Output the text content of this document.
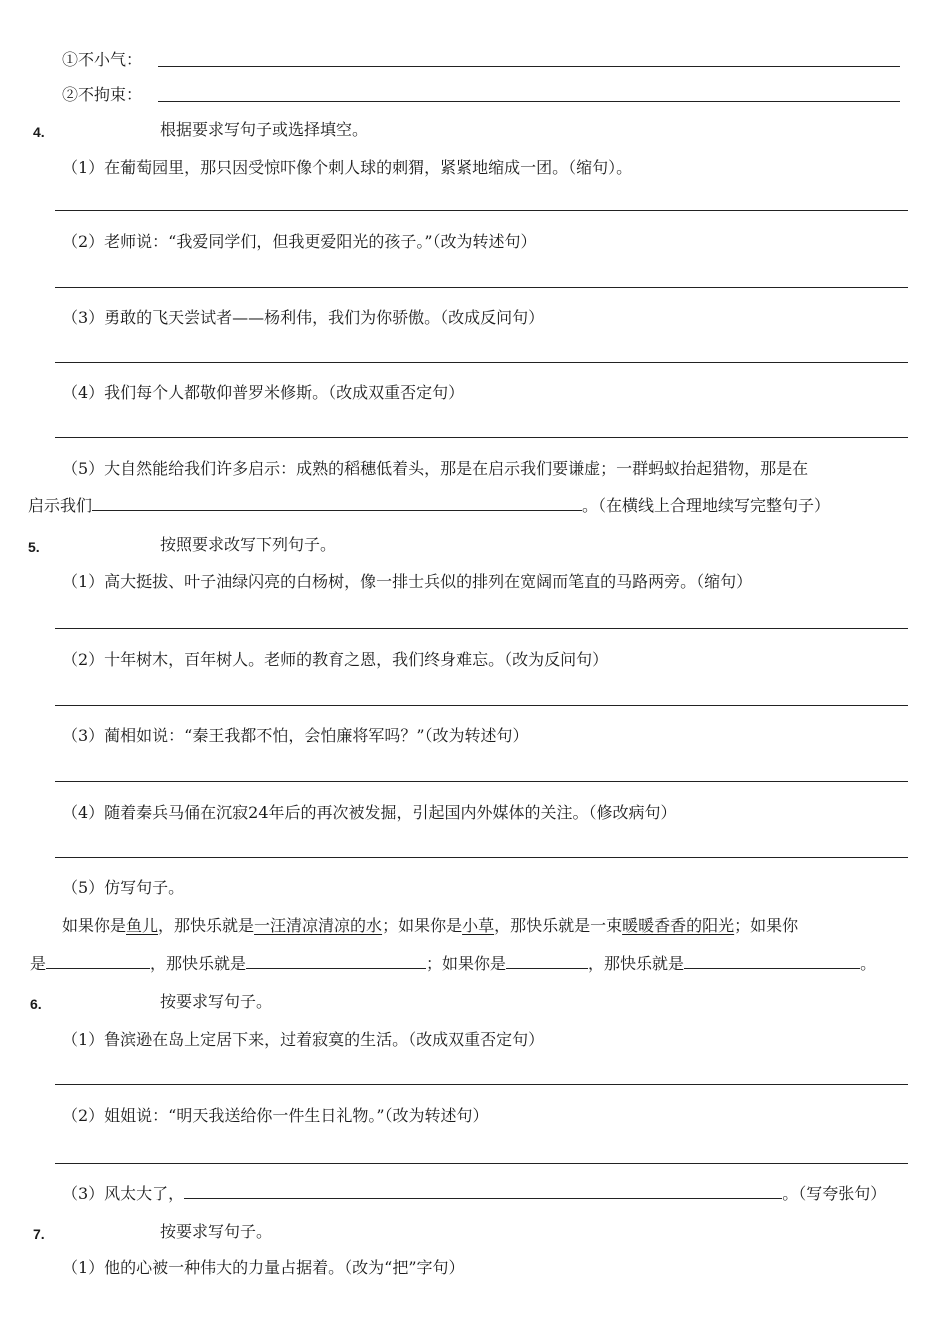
①不小气：
②不拘束：
4.	根据要求写句子或选择填空。
（1）在葡萄园里，那只因受惊吓像个刺人球的刺猬，紧紧地缩成一团。（缩句）。
（2）老师说：“我爱同学们，但我更爱阳光的孩子。”（改为转述句）
（3）勇敢的飞天尝试者——杨利伟，我们为你骄傲。（改成反问句）
（4）我们每个人都敬仰普罗米修斯。（改成双重否定句）
（5）大自然能给我们许多启示：成熟的稻穗低着头，那是在启示我们要谦虚；一群蚂蚁抬起猎物，那是在
启示我们	。（在横线上合理地续写完整句子）
5.	按照要求改写下列句子。
（1）高大挺拔、叶子油绿闪亮的白杨树，像一排士兵似的排列在宽阔而笔直的马路两旁。（缩句）
（2）十年树木，百年树人。老师的教育之恩，我们终身难忘。（改为反问句）
（3）蔺相如说：“秦王我都不怕，会怕廉将军吗？”（改为转述句）
（4）随着秦兵马俑在沉寂24年后的再次被发掘，引起国内外媒体的关注。（修改病句）
（5）仿写句子。
如果你是鱼儿，那快乐就是一汪清凉清凉的水；如果你是小草，那快乐就是一束暖暖香香的阳光；如果你
是	，那快乐就是	；如果你是	，那快乐就是	。
6.	按要求写句子。
（1）鲁滨逊在岛上定居下来，过着寂寞的生活。（改成双重否定句）
（2）姐姐说：“明天我送给你一件生日礼物。”（改为转述句）
（3）风太大了，	。（写夸张句）
7.	按要求写句子。
（1）他的心被一种伟大的力量占据着。（改为“把”字句）
